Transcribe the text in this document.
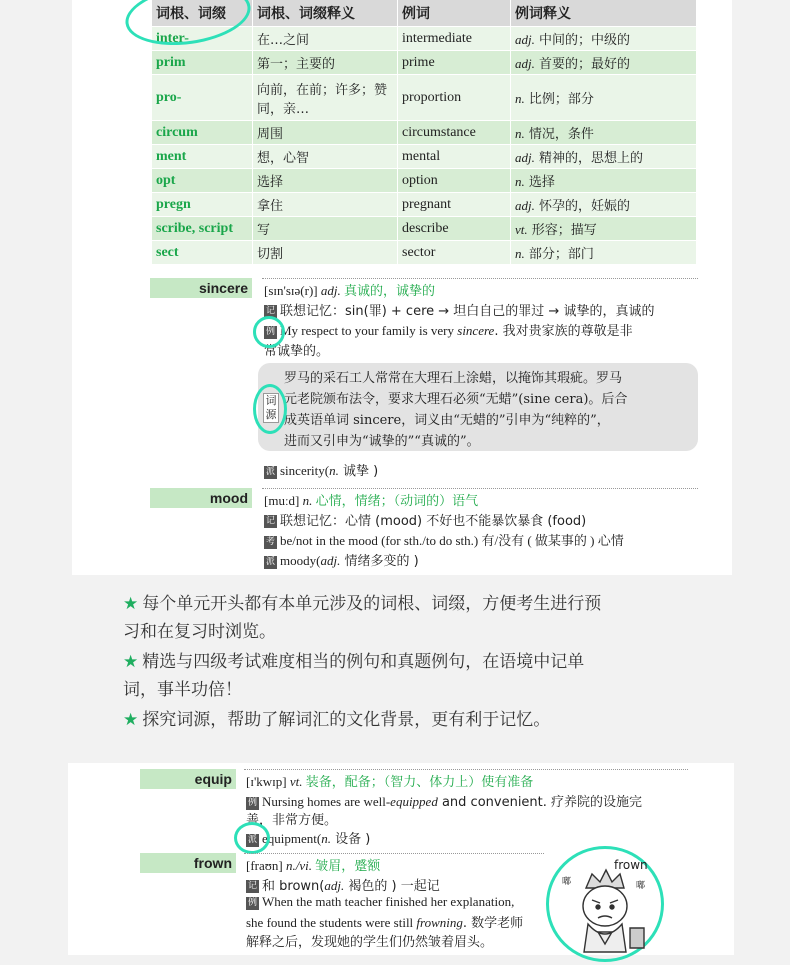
词根、词缀	词根、词缀释义	例词	例词释义
inter-	在…之间	intermediate	adj. 中间的；中级的
prim	第一；主要的	prime	adj. 首要的；最好的
pro-	向前，在前；许多；赞同，亲…	proportion	n. 比例；部分
circum	周围	circumstance	n. 情况，条件
ment	想，心智	mental	adj. 精神的，思想上的
opt	选择	option	n. 选择
pregn	拿住	pregnant	adj. 怀孕的，妊娠的
scribe, script	写	describe	vt. 形容；描写
sect	切割	sector	n. 部分；部门
sincere	[sɪn'sɪə(r)] adj. 真诚的，诚挚的
记 联想记忆：sin(罪) + cere → 坦白自己的罪过 → 诚挚的，真诚的
例 My respect to your family is very sincere. 我对贵家族的尊敬是非
常诚挚的。
词源
罗马的采石工人常常在大理石上涂蜡，以掩饰其瑕疵。罗马
元老院颁布法令，要求大理石必须“无蜡”(sine cera)。后合
成英语单词 sincere，词义由“无蜡的”引申为“纯粹的”，
进而又引申为“诚挚的”“真诚的”。
派 sincerity(n. 诚挚 )
mood	[muːd] n. 心情，情绪；（动词的）语气
记 联想记忆：心情 (mood) 不好也不能暴饮暴食 (food)
考 be/not in the mood (for sth./to do sth.) 有/没有 ( 做某事的 ) 心情
派 moody(adj. 情绪多变的 )
★ 每个单元开头都有本单元涉及的词根、词缀，方便考生进行预
习和在复习时浏览。
★ 精选与四级考试难度相当的例句和真题例句，在语境中记单
词，事半功倍！
★ 探究词源，帮助了解词汇的文化背景，更有利于记忆。
equip	[ɪ'kwɪp] vt. 装备，配备；（智力、体力上）使有准备
例 Nursing homes are well-equipped and convenient. 疗养院的设施完
善，非常方便。
派 equipment(n. 设备 )
frown	[fraʊn] n./vi. 皱眉，蹙额
记 和 brown(adj. 褐色的 ) 一起记
例 When the math teacher finished her explanation,
she found the students were still frowning. 数学老师
解释之后，发现她的学生们仍然皱着眉头。
frown
嘟	嘟
